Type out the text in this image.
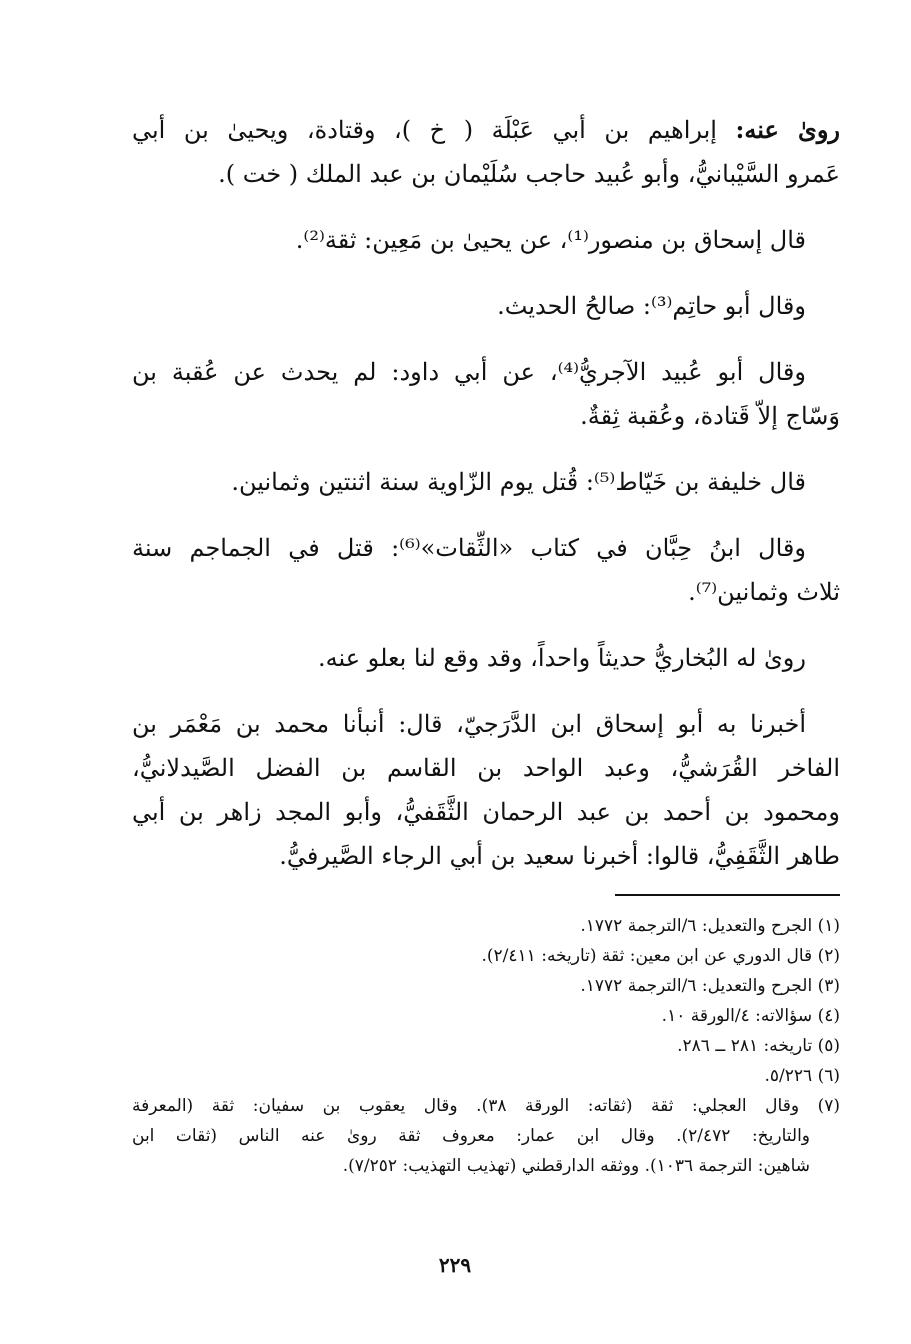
روىٰ عنه: إبراهيم بن أبي عَبْلَة ( خ )، وقتادة، ويحيىٰ بن أبي
عَمرو السَّيْبانيُّ، وأبو عُبيد حاجب سُلَيْمان بن عبد الملك ( خت ).
قال إسحاق بن منصور⁽¹⁾، عن يحيىٰ بن مَعِين: ثقة⁽²⁾.
وقال أبو حاتِم⁽³⁾: صالحُ الحديث.
وقال أبو عُبيد الآجريُّ⁽⁴⁾، عن أبي داود: لم يحدث عن عُقبة بن
وَسّاج إلاّ قَتادة، وعُقبة ثِقةٌ.
قال خليفة بن خَيّاط⁽⁵⁾: قُتل يوم الزّاوية سنة اثنتين وثمانين.
وقال ابنُ حِبَّان في كتاب «الثِّقات»⁽⁶⁾: قتل في الجماجم سنة
ثلاث وثمانين⁽⁷⁾.
روىٰ له البُخاريُّ حديثاً واحداً، وقد وقع لنا بعلو عنه.
أخبرنا به أبو إسحاق ابن الدَّرَجيّ، قال: أنبأنا محمد بن مَعْمَر بن
الفاخر القُرَشيُّ، وعبد الواحد بن القاسم بن الفضل الصَّيدلانيُّ،
ومحمود بن أحمد بن عبد الرحمان الثَّقَفيُّ، وأبو المجد زاهر بن أبي
طاهر الثَّقَفِيُّ، قالوا: أخبرنا سعيد بن أبي الرجاء الصَّيرفيُّ.
(١) الجرح والتعديل: ٦/الترجمة ١٧٧٢.
(٢) قال الدوري عن ابن معين: ثقة (تاريخه: ٢/٤١١).
(٣) الجرح والتعديل: ٦/الترجمة ١٧٧٢.
(٤) سؤالاته: ٤/الورقة ١٠.
(٥) تاريخه: ٢٨١ ــ ٢٨٦.
(٦) ٥/٢٢٦.
(٧) وقال العجلي: ثقة (ثقاته: الورقة ٣٨). وقال يعقوب بن سفيان: ثقة (المعرفة
والتاريخ: ٢/٤٧٢). وقال ابن عمار: معروف ثقة روىٰ عنه الناس (ثقات ابن
شاهين: الترجمة ١٠٣٦). ووثقه الدارقطني (تهذيب التهذيب: ٧/٢٥٢).
٢٢٩
